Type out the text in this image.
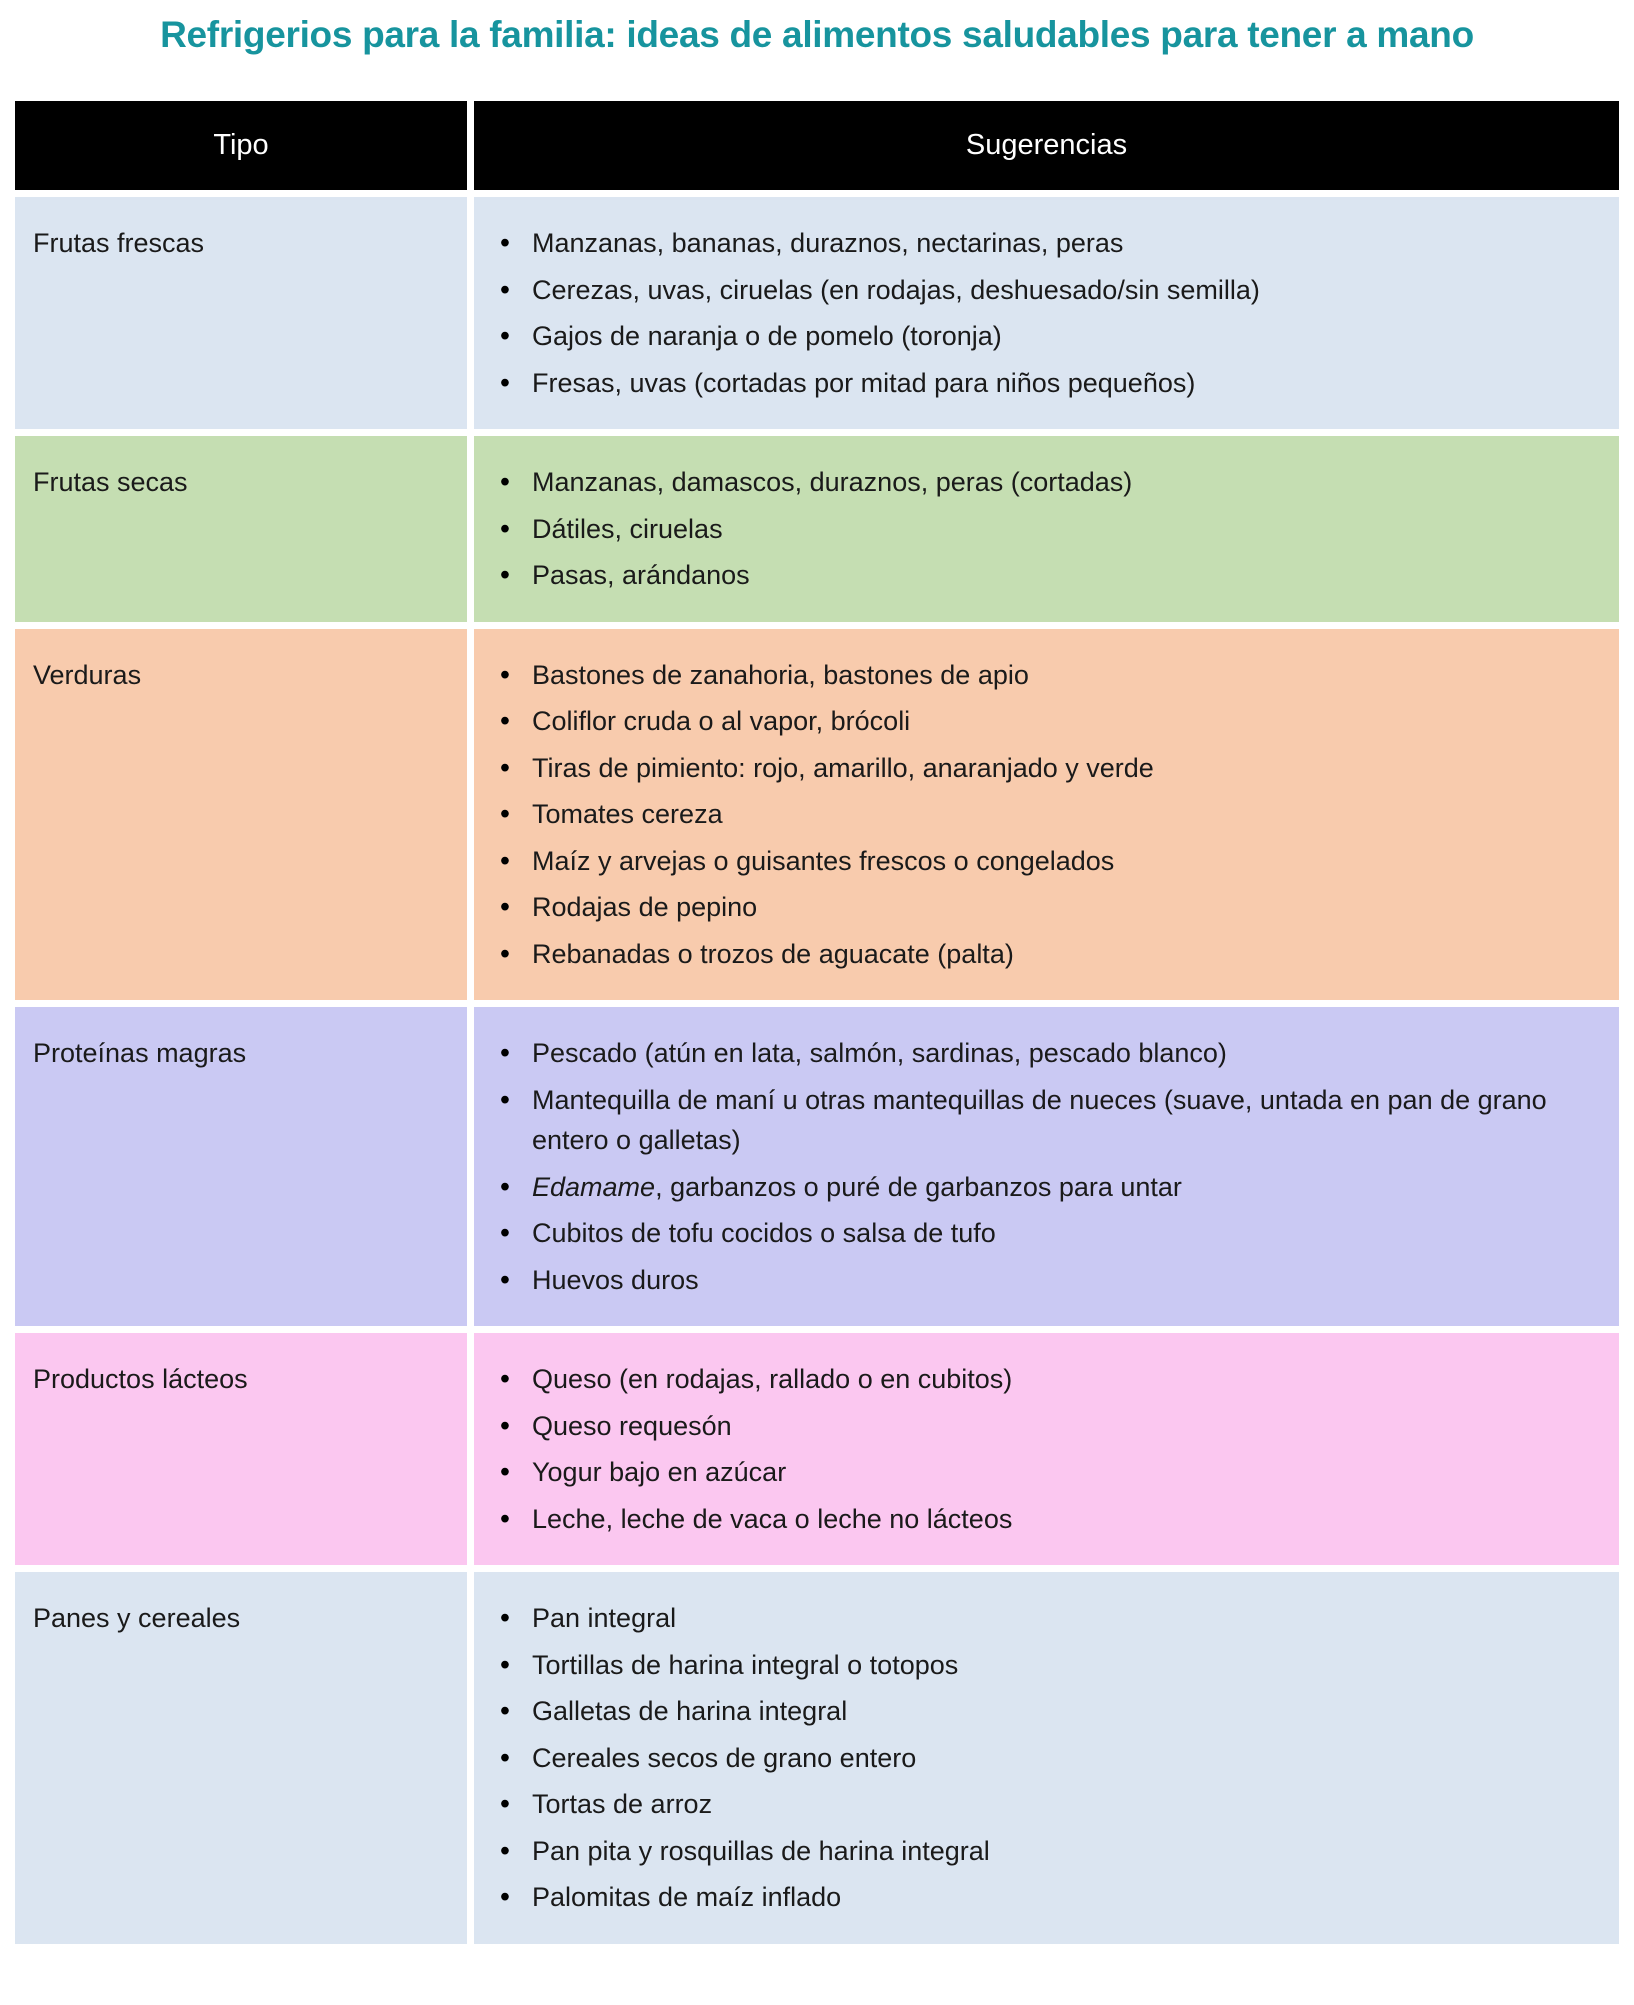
Refrigerios para la familia: ideas de alimentos saludables para tener a mano
Tipo	Sugerencias
Frutas frescas	
•Manzanas, bananas, duraznos, nectarinas, peras
• Cerezas, uvas, ciruelas (en rodajas, deshuesado/sin semilla)
• Gajos de naranja o de pomelo (toronja)
• Fresas, uvas (cortadas por mitad para niños pequeños)

Frutas secas	
•Manzanas, damascos, duraznos, peras (cortadas)
• Dátiles, ciruelas
• Pasas, arándanos

Verduras	
•Bastones de zanahoria, bastones de apio
• Coliflor cruda o al vapor, brócoli
• Tiras de pimiento: rojo, amarillo, anaranjado y verde
• Tomates cereza
• Maíz y arvejas o guisantes frescos o congelados
• Rodajas de pepino
• Rebanadas o trozos de aguacate (palta)

Proteínas magras	
•Pescado (atún en lata, salmón, sardinas, pescado blanco)
• Mantequilla de maní u otras mantequillas de nueces (suave, untada en pan de grano entero o galletas)
• Edamame, garbanzos o puré de garbanzos para untar
• Cubitos de tofu cocidos o salsa de tufo
• Huevos duros

Productos lácteos	
•Queso (en rodajas, rallado o en cubitos)
• Queso requesón
• Yogur bajo en azúcar
• Leche, leche de vaca o leche no lácteos

Panes y cereales	
•Pan integral
• Tortillas de harina integral o totopos
• Galletas de harina integral
• Cereales secos de grano entero
• Tortas de arroz
• Pan pita y rosquillas de harina integral
• Palomitas de maíz inflado
